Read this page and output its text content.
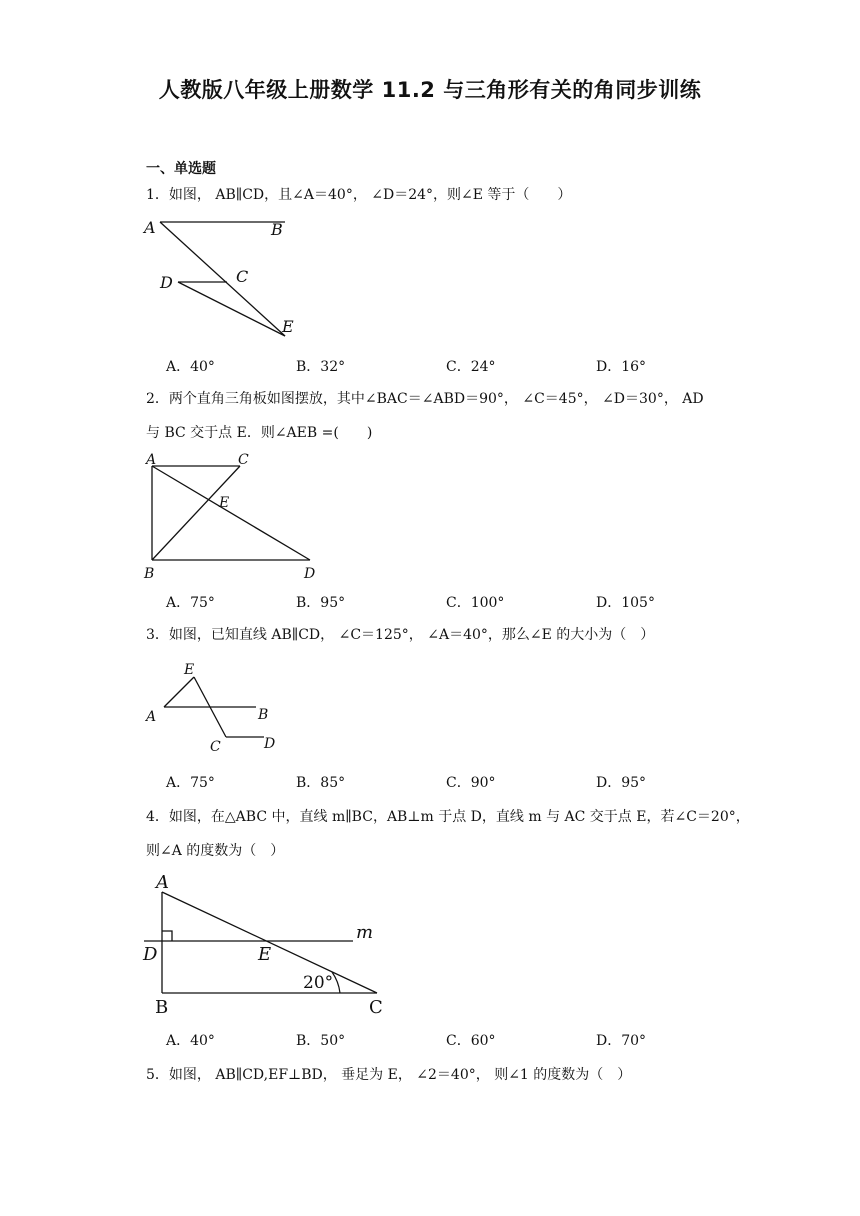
人教版八年级上册数学 11.2 与三角形有关的角同步训练
一、单选题
1．如图， AB∥CD，且∠A＝40°， ∠D＝24°，则∠E 等于（　　）
A	B
C
D
E
A．40°	B．32°	C．24°	D．16°
2．两个直角三角板如图摆放，其中∠BAC＝∠ABD＝90°， ∠C＝45°， ∠D＝30°， AD
与 BC 交于点 E．则∠AEB =(　　)
A	C
E
B	D
A．75°	B．95°	C．100°	D．105°
3．如图，已知直线 AB∥CD， ∠C＝125°， ∠A＝40°，那么∠E 的大小为（　）
E
A	B
C	D
A．75°	B．85°	C．90°	D．95°
4．如图，在△ABC 中，直线 m∥BC，AB⊥m 于点 D，直线 m 与 AC 交于点 E，若∠C＝20°，
则∠A 的度数为（　）
A
m
D	E
20°
B	C
A．40°	B．50°	C．60°	D．70°
5．如图， AB∥CD,EF⊥BD， 垂足为 E， ∠2＝40°， 则∠1 的度数为（　）
